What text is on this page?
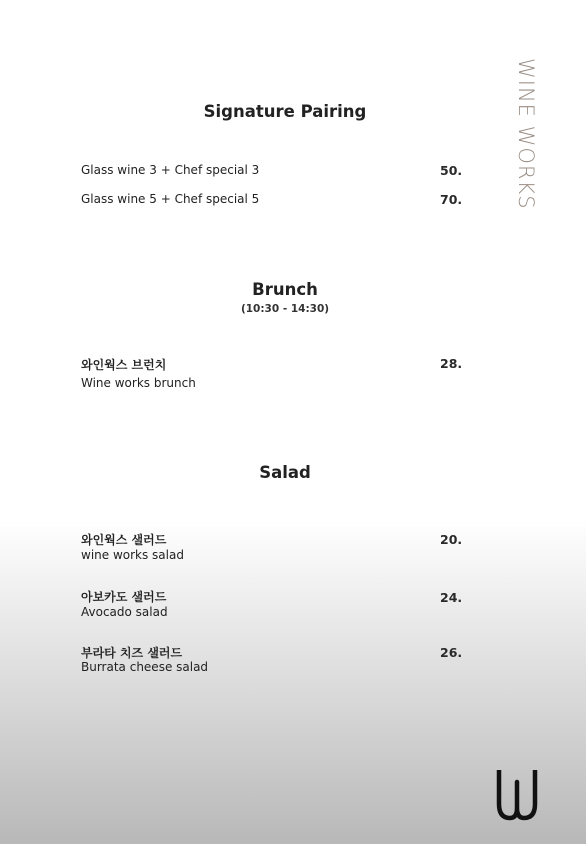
WINE WORKS
Signature Pairing
Glass wine 3 + Chef special 3	50.
Glass wine 5 + Chef special 5	70.
Brunch
(10:30 - 14:30)
와인웍스 브런치
Wine works brunch
28.
Salad
와인웍스 샐러드
wine works salad
20.
아보카도 샐러드
Avocado salad
24.
부라타 치즈 샐러드
Burrata cheese salad
26.
